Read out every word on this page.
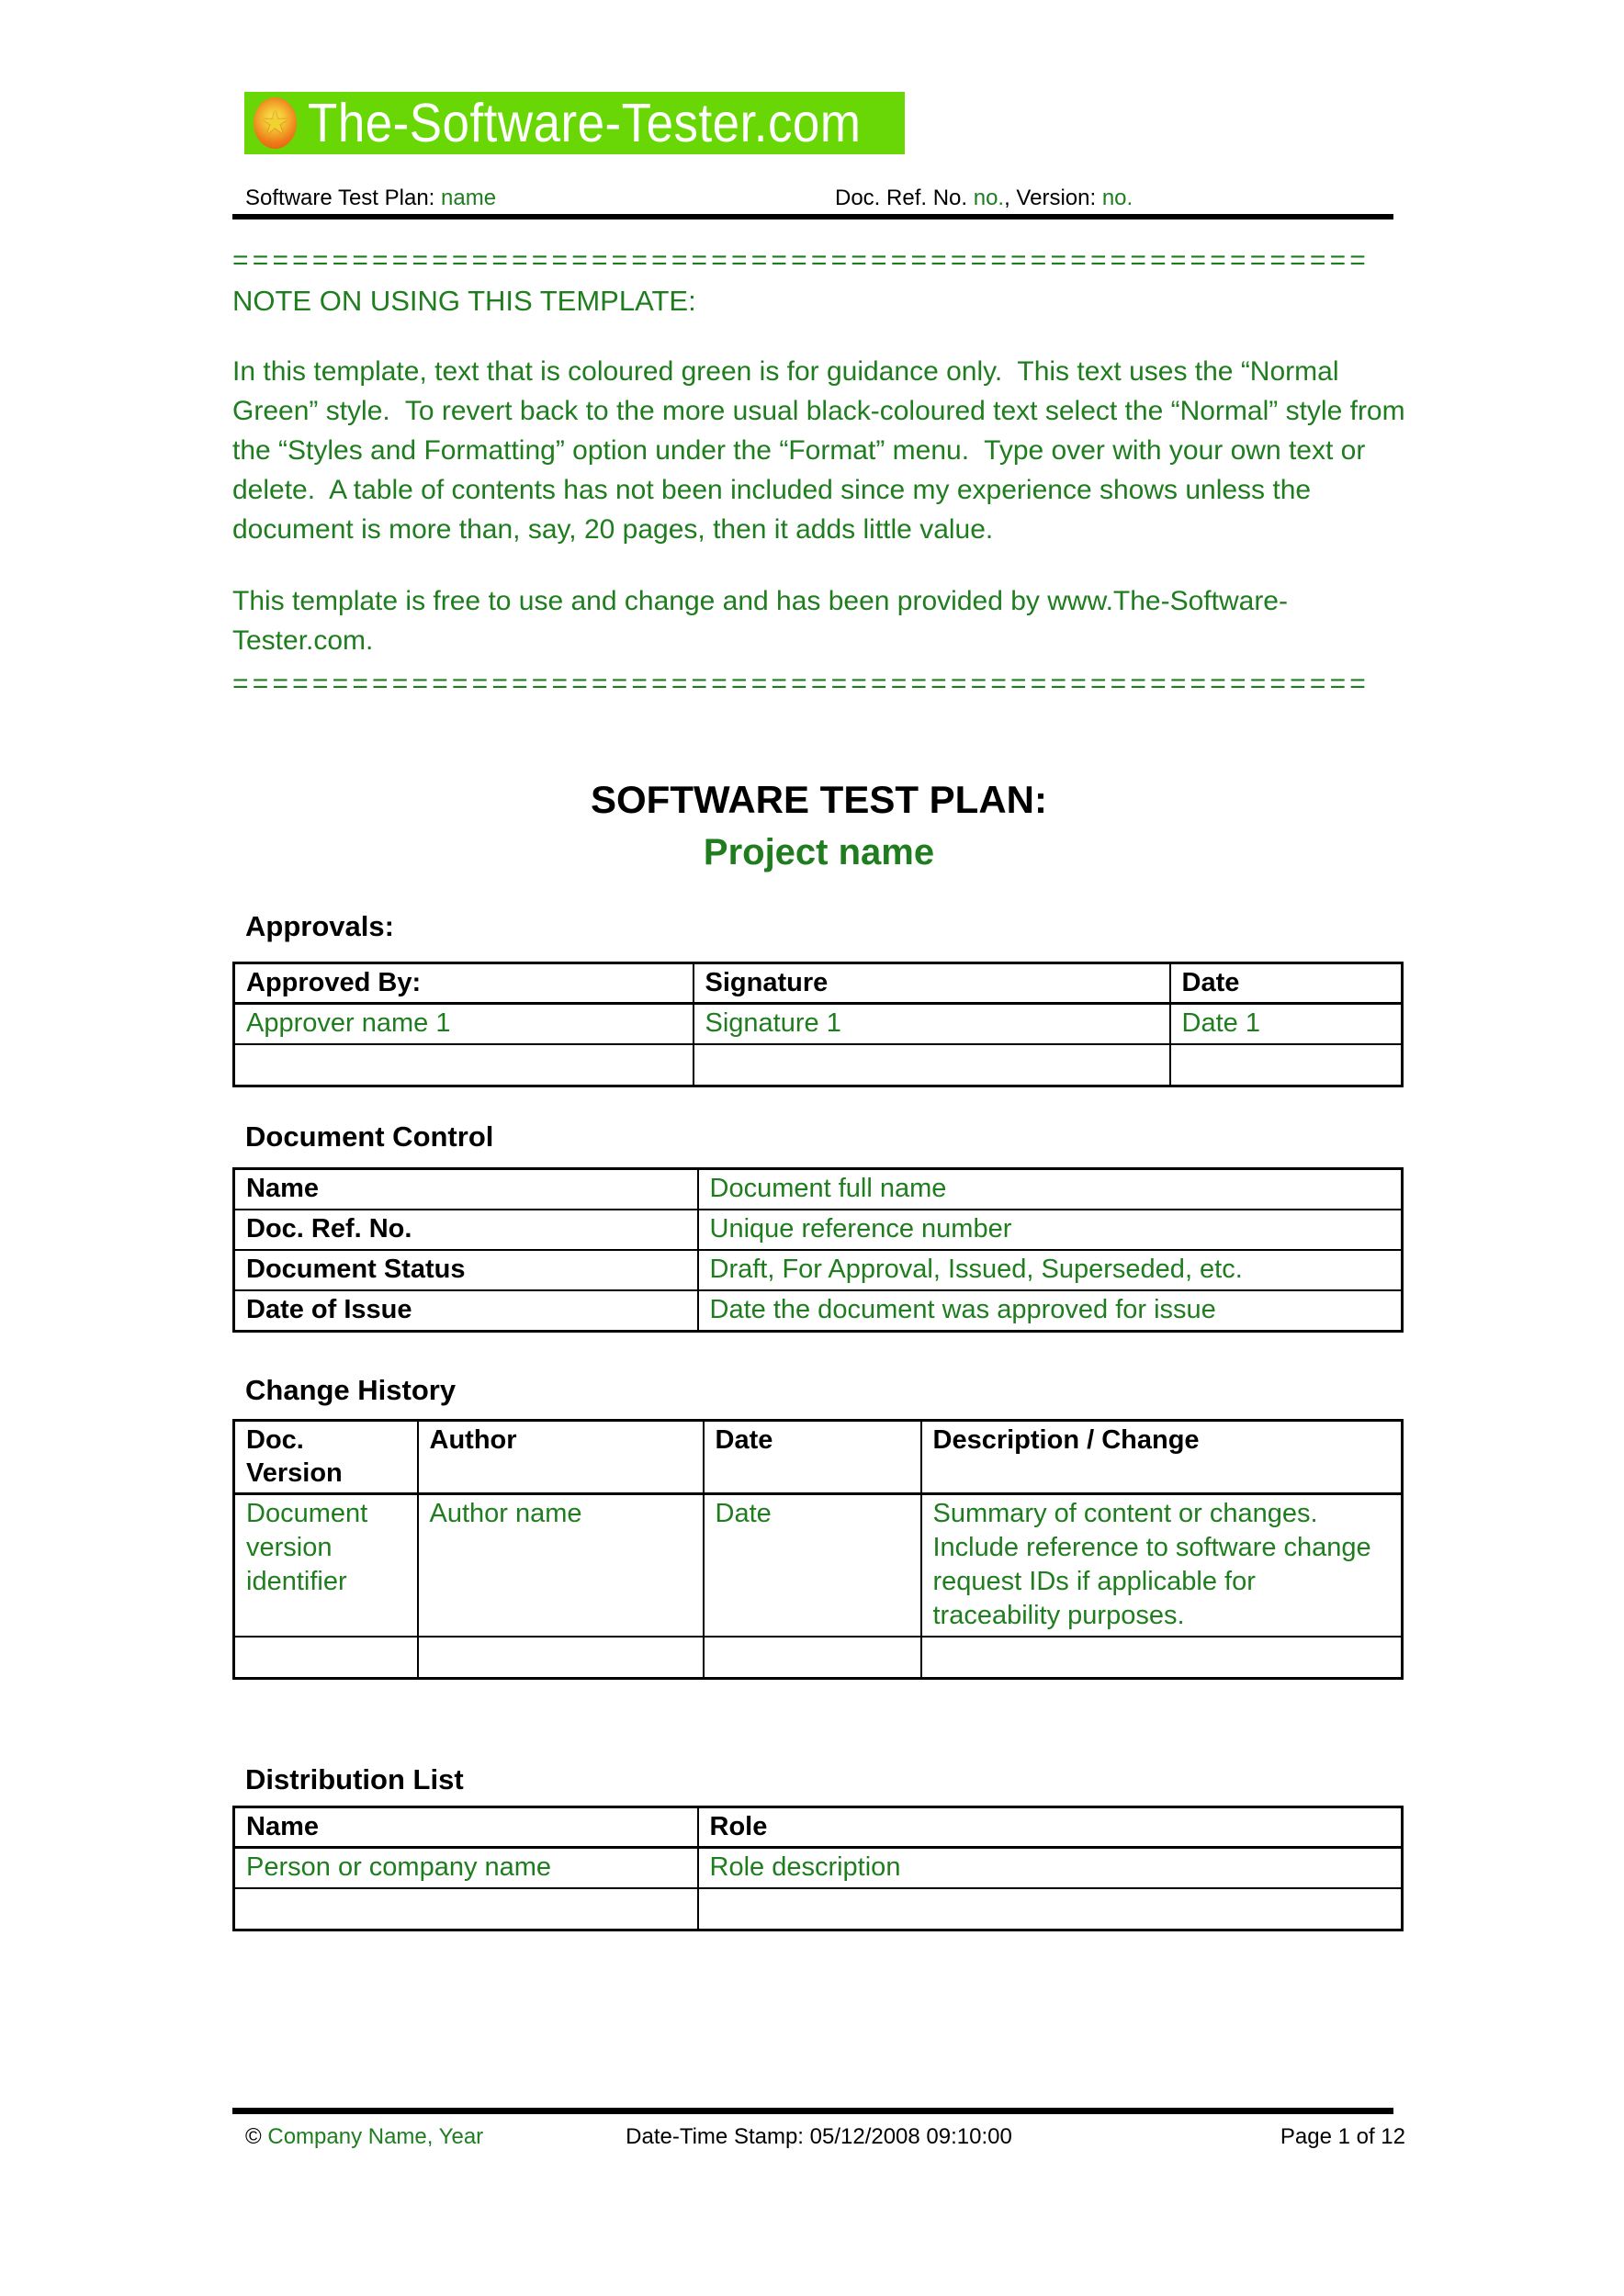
★ The-Software-Tester.com
Software Test Plan: name	Doc. Ref. No. no., Version: no.
=========================================================
NOTE ON USING THIS TEMPLATE:

In this template, text that is coloured green is for guidance only.  This text uses the “Normal Green” style.  To revert back to the more usual black-coloured text select the “Normal” style from the “Styles and Formatting” option under the “Format” menu.  Type over with your own text or delete.  A table of contents has not been included since my experience shows unless the document is more than, say, 20 pages, then it adds little value.

This template is free to use and change and has been provided by www.The-Software-Tester.com.

=========================================================
SOFTWARE TEST PLAN:
Project name
Approvals:
Approved By:	Signature	Date
Approver name 1	Signature 1	Date 1

Document Control
Name	Document full name
Doc. Ref. No.	Unique reference number
Document Status	Draft, For Approval, Issued, Superseded, etc.
Date of Issue	Date the document was approved for issue
Change History
Doc. Version	Author	Date	Description / Change
Document version identifier	Author name	Date	Summary of content or changes. Include reference to software change request IDs if applicable for traceability purposes.

Distribution List
Name	Role
Person or company name	Role description

© Company Name, Year	Date-Time Stamp: 05/12/2008 09:10:00	Page 1 of 12
